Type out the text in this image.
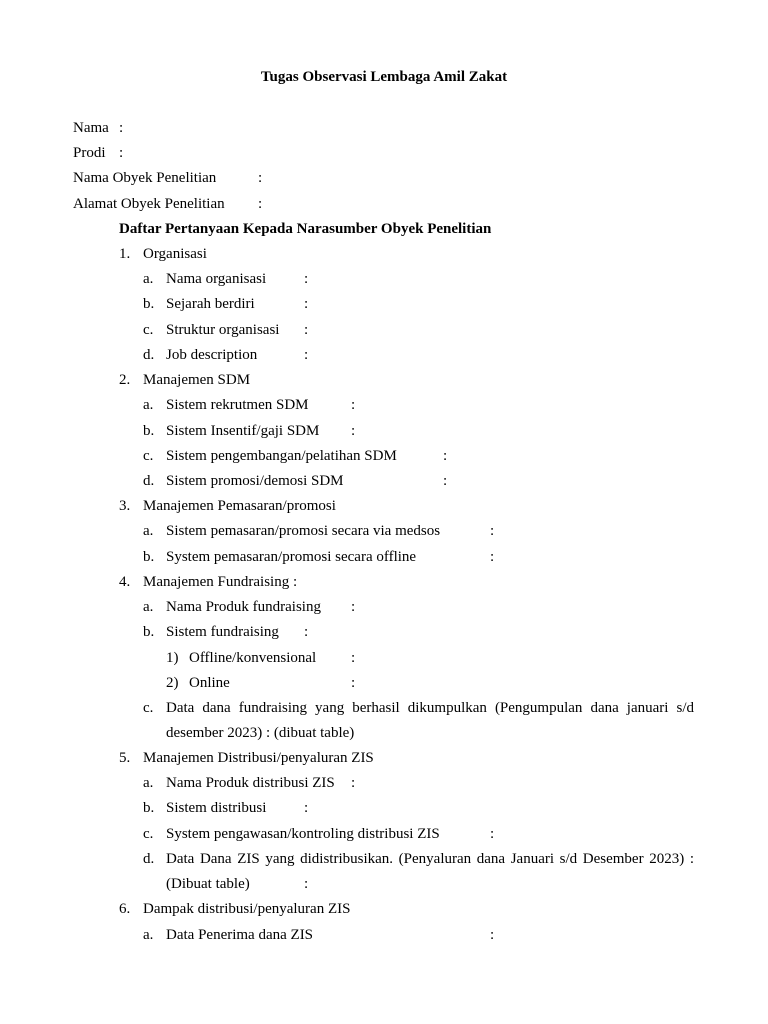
Tugas Observasi Lembaga Amil Zakat
Nama :
Prodi :
Nama Obyek Penelitian	:
Alamat Obyek Penelitian :
Daftar Pertanyaan Kepada Narasumber Obyek Penelitian
1. Organisasi
a. Nama organisasi	:
b. Sejarah berdiri	:
c. Struktur organisasi :
d. Job description	:
2. Manajemen SDM
a. Sistem rekrutmen SDM	:
b. Sistem Insentif/gaji SDM :
c. Sistem pengembangan/pelatihan SDM	:
d. Sistem promosi/demosi SDM	:
3. Manajemen Pemasaran/promosi
a. Sistem pemasaran/promosi secara via medsos	:
b. System pemasaran/promosi secara offline	:
4. Manajemen Fundraising :
a. Nama Produk fundraising :
b. Sistem fundraising :
1) Offline/konvensional :
2) Online	:
c. Data dana fundraising yang berhasil dikumpulkan (Pengumpulan dana januari s/d
desember 2023) : (dibuat table)
5. Manajemen Distribusi/penyaluran ZIS
a. Nama Produk distribusi ZIS :
b. Sistem distribusi	:
c. System pengawasan/kontroling distribusi ZIS	:
d. Data Dana ZIS yang didistribusikan. (Penyaluran dana Januari s/d Desember 2023) :
(Dibuat table)	:
6. Dampak distribusi/penyaluran ZIS
a. Data Penerima dana ZIS	:
